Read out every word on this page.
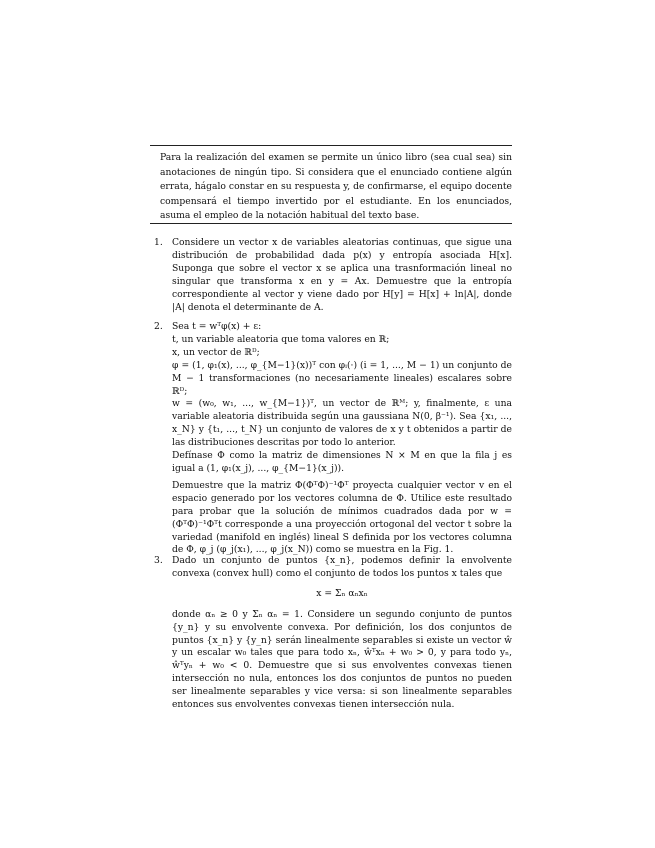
Para la realización del examen se permite un único libro (sea cual sea) sin anotaciones de ningún tipo. Si considera que el enunciado contiene algún errata, hágalo constar en su respuesta y, de confirmarse, el equipo docente compensará el tiempo invertido por el estudiante. En los enunciados, asuma el empleo de la notación habitual del texto base.
1. Considere un vector x de variables aleatorias continuas, que sigue una distribución de probabilidad dada p(x) y entropía asociada H[x]. Suponga que sobre el vector x se aplica una trasnformación lineal no singular que transforma x en y = Ax. Demuestre que la entropía correspondiente al vector y viene dado por H[y] = H[x] + ln|A|, donde |A| denota el determinante de A.

2. Sea t = wᵀφ(x) + ε:

t, un variable aleatoria que toma valores en ℝ;
x, un vector de ℝᴰ;
φ = (1, φ₁(x), ..., φ_{M−1}(x))ᵀ con φᵢ(·) (i = 1, ..., M − 1) un conjunto de M − 1 transformaciones (no necesariamente lineales) escalares sobre ℝᴰ;
w = (w₀, w₁, ..., w_{M−1})ᵀ, un vector de ℝᴹ; y, finalmente, ε una variable aleatoria distribuida según una gaussiana N(0, β⁻¹). Sea {x₁, ..., x_N} y {t₁, ..., t_N} un conjunto de valores de x y t obtenidos a partir de las distribuciones descritas por todo lo anterior.

Defínase Φ como la matriz de dimensiones N × M en que la fila j es igual a (1, φ₁(x_j), ..., φ_{M−1}(x_j)).

Demuestre que la matriz Φ(ΦᵀΦ)⁻¹Φᵀ proyecta cualquier vector v en el espacio generado por los vectores columna de Φ. Utilice este resultado para probar que la solución de mínimos cuadrados dada por w = (ΦᵀΦ)⁻¹Φᵀt corresponde a una proyección ortogonal del vector t sobre la variedad (manifold en inglés) lineal S definida por los vectores columna de Φ, φ_j (φ_j(x₁), ..., φ_j(x_N)) como se muestra en la Fig. 1.

3. Dado un conjunto de puntos {x_n}, podemos definir la envolvente convexa (convex hull) como el conjunto de todos los puntos x tales que

x = Σₙ αₙxₙ

donde αₙ ≥ 0 y Σₙ αₙ = 1. Considere un segundo conjunto de puntos {y_n} y su envolvente convexa. Por definición, los dos conjuntos de puntos {x_n} y {y_n} serán linealmente separables si existe un vector ŵ y un escalar w₀ tales que para todo xₙ, ŵᵀxₙ + w₀ > 0, y para todo yₙ, ŵᵀyₙ + w₀ < 0. Demuestre que si sus envolventes convexas tienen intersección no nula, entonces los dos conjuntos de puntos no pueden ser linealmente separables y vice versa: si son linealmente separables entonces sus envolventes convexas tienen intersección nula.
